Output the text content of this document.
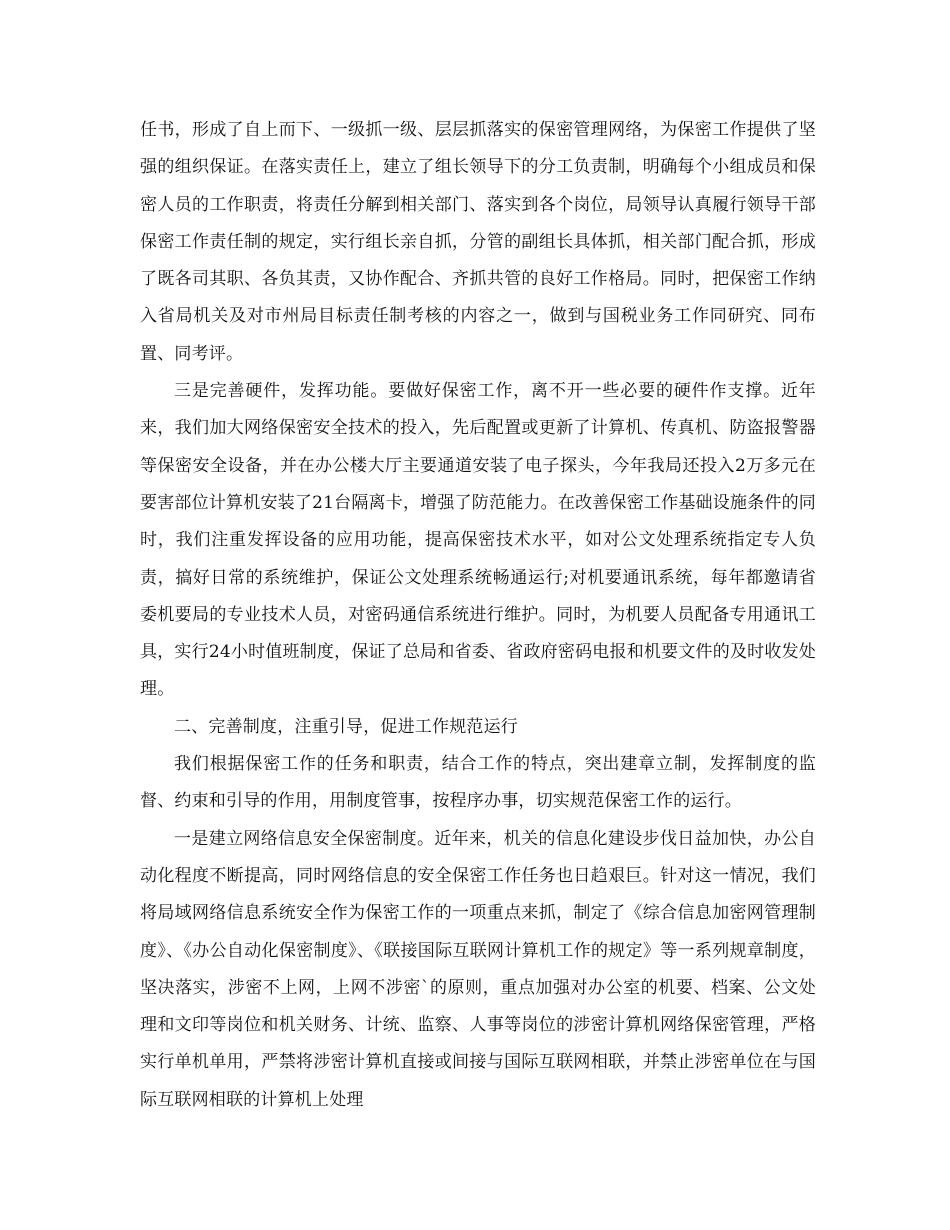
任书，形成了自上而下、一级抓一级、层层抓落实的保密管理网络，为保密工作提供了坚强的组织保证。在落实责任上，建立了组长领导下的分工负责制，明确每个小组成员和保密人员的工作职责，将责任分解到相关部门、落实到各个岗位，局领导认真履行领导干部保密工作责任制的规定，实行组长亲自抓，分管的副组长具体抓，相关部门配合抓，形成了既各司其职、各负其责，又协作配合、齐抓共管的良好工作格局。同时，把保密工作纳入省局机关及对市州局目标责任制考核的内容之一，做到与国税业务工作同研究、同布置、同考评。

三是完善硬件，发挥功能。要做好保密工作，离不开一些必要的硬件作支撑。近年来，我们加大网络保密安全技术的投入，先后配置或更新了计算机、传真机、防盗报警器等保密安全设备，并在办公楼大厅主要通道安装了电子探头，今年我局还投入2万多元在要害部位计算机安装了21台隔离卡，增强了防范能力。在改善保密工作基础设施条件的同时，我们注重发挥设备的应用功能，提高保密技术水平，如对公文处理系统指定专人负责，搞好日常的系统维护，保证公文处理系统畅通运行;对机要通讯系统，每年都邀请省委机要局的专业技术人员，对密码通信系统进行维护。同时，为机要人员配备专用通讯工具，实行24小时值班制度，保证了总局和省委、省政府密码电报和机要文件的及时收发处理。

二、完善制度，注重引导，促进工作规范运行

我们根据保密工作的任务和职责，结合工作的特点，突出建章立制，发挥制度的监督、约束和引导的作用，用制度管事，按程序办事，切实规范保密工作的运行。

一是建立网络信息安全保密制度。近年来，机关的信息化建设步伐日益加快，办公自动化程度不断提高，同时网络信息的安全保密工作任务也日趋艰巨。针对这一情况，我们将局域网络信息系统安全作为保密工作的一项重点来抓，制定了《综合信息加密网管理制度》、《办公自动化保密制度》、《联接国际互联网计算机工作的规定》等一系列规章制度，坚决落实，涉密不上网，上网不涉密`的原则，重点加强对办公室的机要、档案、公文处理和文印等岗位和机关财务、计统、监察、人事等岗位的涉密计算机网络保密管理，严格实行单机单用，严禁将涉密计算机直接或间接与国际互联网相联，并禁止涉密单位在与国际互联网相联的计算机上处理
